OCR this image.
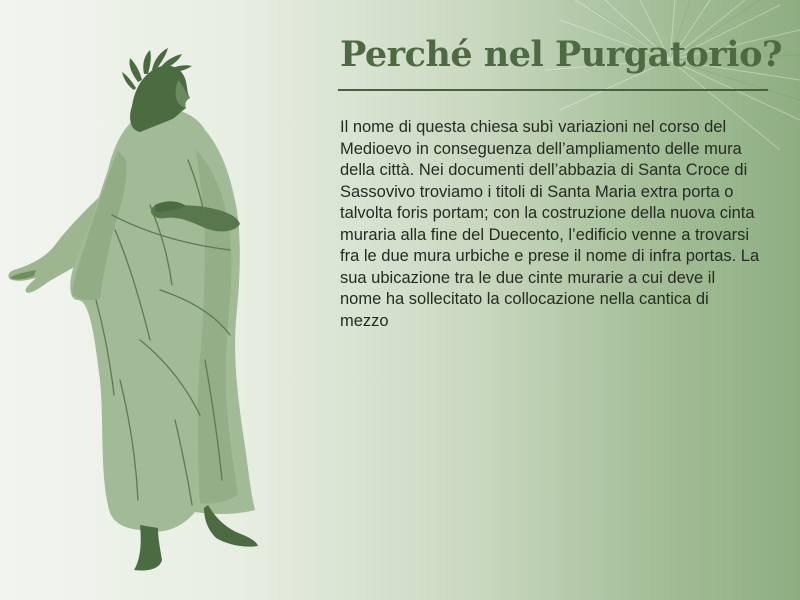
Perché nel Purgatorio?

Il nome di questa chiesa subì variazioni nel corso del Medioevo in conseguenza dell’ampliamento delle mura della città. Nei documenti dell’abbazia di Santa Croce di Sassovivo troviamo i titoli di Santa Maria extra porta o talvolta foris portam; con la costruzione della nuova cinta muraria alla fine del Duecento, l’edificio venne a trovarsi fra le due mura urbiche e prese il nome di infra portas. La sua ubicazione tra le due cinte murarie a cui deve il nome ha sollecitato la collocazione nella cantica di mezzo
